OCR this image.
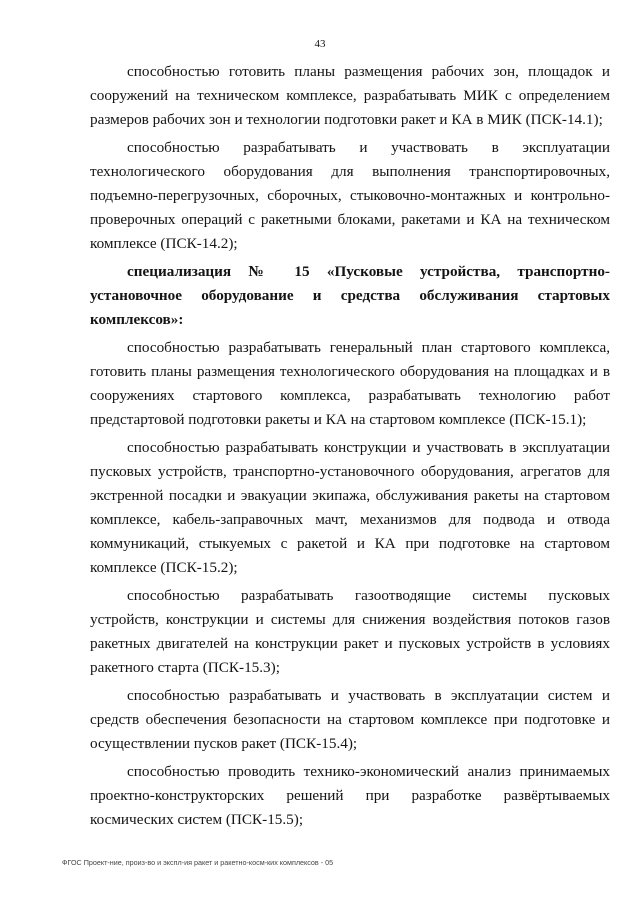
43

способностью готовить планы размещения рабочих зон, площадок и сооружений на техническом комплексе, разрабатывать МИК с определением размеров рабочих зон и технологии подготовки ракет и КА в МИК (ПСК-14.1);

способностью разрабатывать и участвовать в эксплуатации технологического оборудования для выполнения транспортировочных, подъемно-перегрузочных, сборочных, стыковочно-монтажных и контрольно-проверочных операций с ракетными блоками, ракетами и КА на техническом комплексе (ПСК-14.2);

специализация № 15 «Пусковые устройства, транспортно-установочное оборудование и средства обслуживания стартовых комплексов»:

способностью разрабатывать генеральный план стартового комплекса, готовить планы размещения технологического оборудования на площадках и в сооружениях стартового комплекса, разрабатывать технологию работ предстартовой подготовки ракеты и КА на стартовом комплексе (ПСК-15.1);

способностью разрабатывать конструкции и участвовать в эксплуатации пусковых устройств, транспортно-установочного оборудования, агрегатов для экстренной посадки и эвакуации экипажа, обслуживания ракеты на стартовом комплексе, кабель-заправочных мачт, механизмов для подвода и отвода коммуникаций, стыкуемых с ракетой и КА при подготовке на стартовом комплексе (ПСК-15.2);

способностью разрабатывать газоотводящие системы пусковых устройств, конструкции и системы для снижения воздействия потоков газов ракетных двигателей на конструкции ракет и пусковых устройств в условиях ракетного старта (ПСК-15.3);

способностью разрабатывать и участвовать в эксплуатации систем и средств обеспечения безопасности на стартовом комплексе при подготовке и осуществлении пусков ракет (ПСК-15.4);

способностью проводить технико-экономический анализ принимаемых проектно-конструкторских решений при разработке развёртываемых космических систем (ПСК-15.5);

ФГОС Проект-ние, произ-во и экспл-ия ракет и ракетно-косм-ких комплексов - 05
